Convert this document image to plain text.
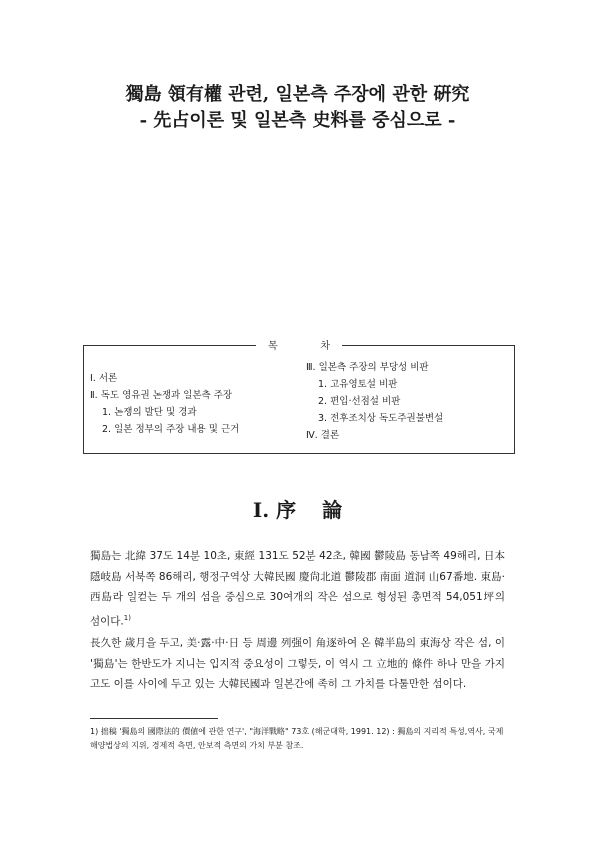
獨島 領有權 관련, 일본측 주장에 관한 硏究
- 先占이론 및 일본측 史料를 중심으로 -
목	차
Ⅰ. 서론
Ⅱ. 독도 영유권 논쟁과 일본측 주장
1. 논쟁의 발단 및 경과
2. 일본 정부의 주장 내용 및 근거
Ⅲ. 일본측 주장의 부당성 비판
1. 고유영토설 비판
2. 편입·선점설 비판
3. 전후조치상 독도주권불변설
Ⅳ. 결론
Ⅰ. 序 論
獨島는 北緯 37도 14분 10초, 東經 131도 52분 42초, 韓國 鬱陵島 동남쪽 49해리, 日本 隱岐島 서북쪽 86해리, 행정구역상 大韓民國 慶尙北道 鬱陵郡 南面 道洞 山67番地. 東島·西島라 일컫는 두 개의 섬을 중심으로 30여개의 작은 섬으로 형성된 총면적 54,051坪의 섬이다.$^{1)}$
長久한 歲月을 두고, 美·露·中·日 등 周邊 列强이 角逐하여 온 韓半島의 東海상 작은 섬, 이 '獨島'는 한반도가 지니는 입지적 중요성이 그렇듯, 이 역시 그 立地的 條件 하나 만을 가지고도 이를 사이에 두고 있는 大韓民國과 일본간에 족히 그 가치를 다툴만한 섬이다.
1) 拙稿 '獨島의 國際法的 價値에 관한 연구', "海洋戰略" 73호 (해군대학, 1991. 12) : 獨島의 지리적 특성,역사, 국제해양법상의 지위, 경제적 측면, 안보적 측면의 가치 부분 참조.
